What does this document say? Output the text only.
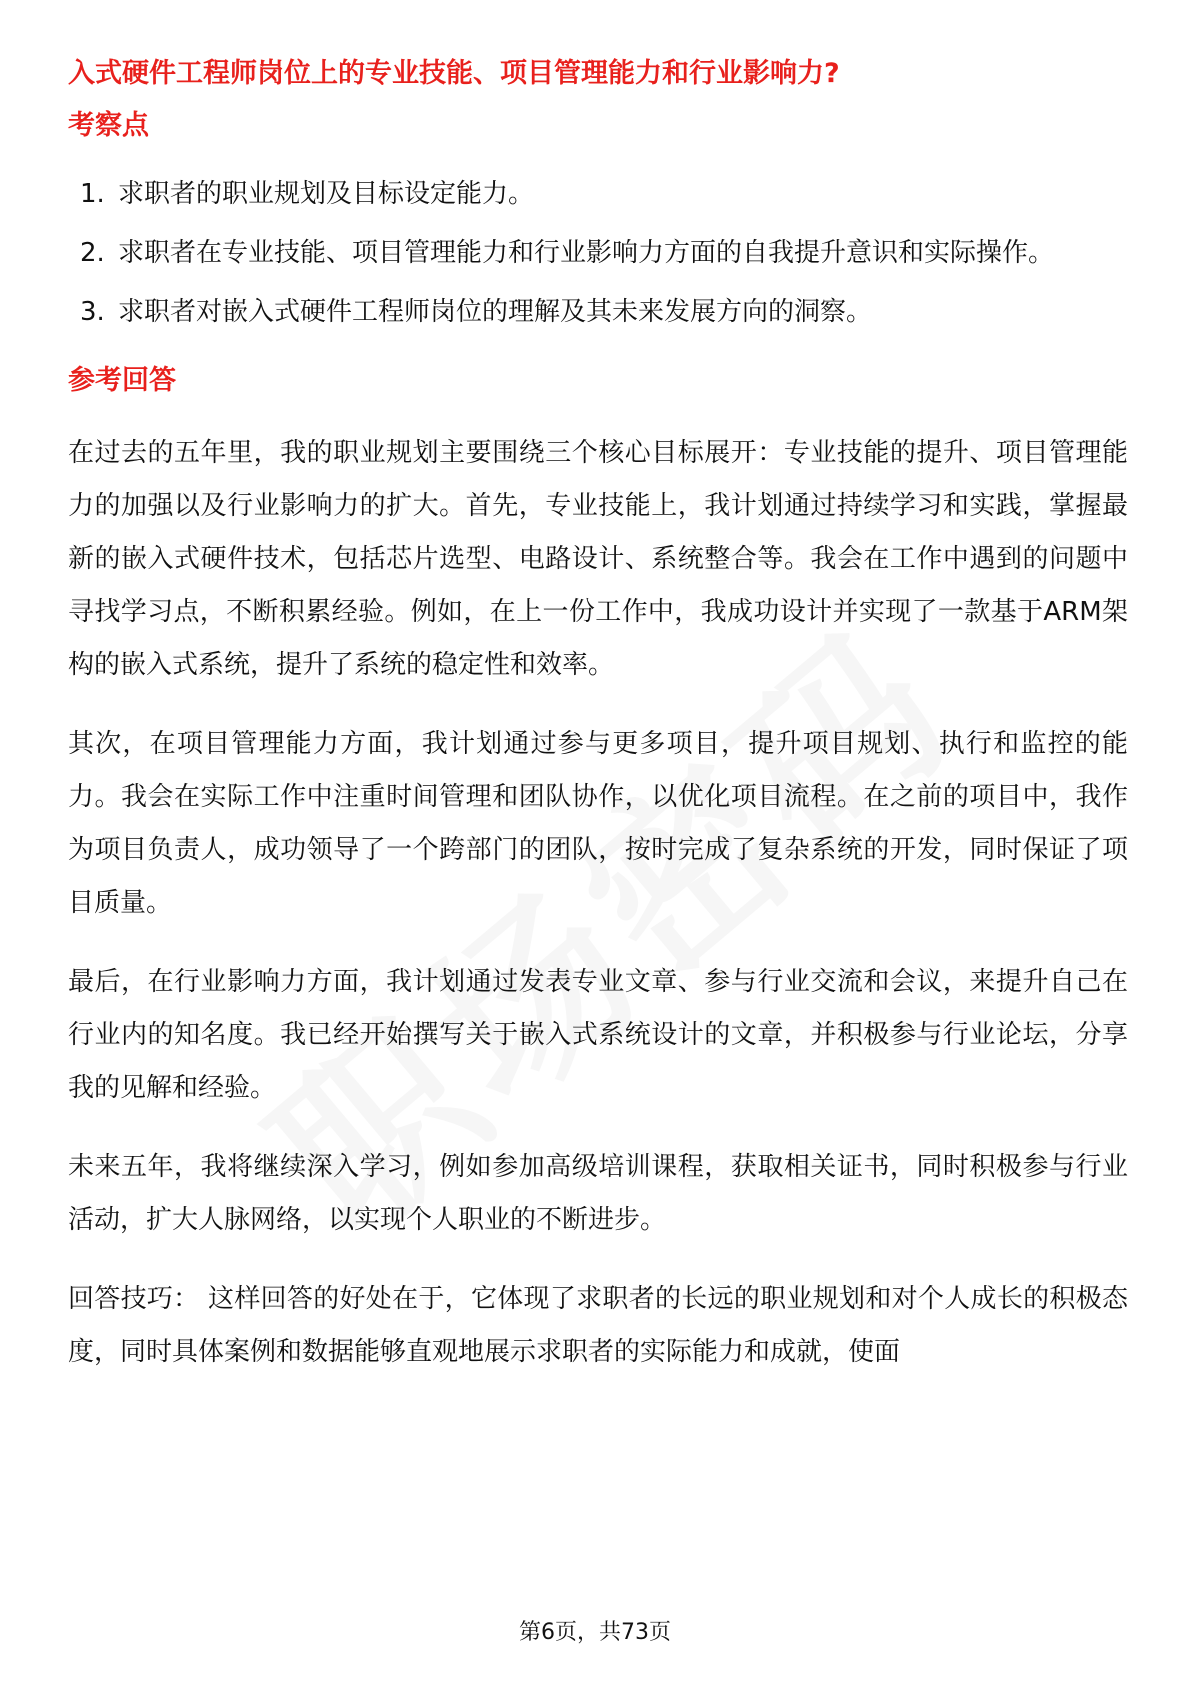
入式硬件工程师岗位上的专业技能、项目管理能力和行业影响力?
考察点
1. 求职者的职业规划及目标设定能力。
2. 求职者在专业技能、项目管理能力和行业影响力方面的自我提升意识和实际操作。
3. 求职者对嵌入式硬件工程师岗位的理解及其未来发展方向的洞察。
参考回答

在过去的五年里，我的职业规划主要围绕三个核心目标展开：专业技能的提升、项目管理能力的加强以及行业影响力的扩大。首先，专业技能上，我计划通过持续学习和实践，掌握最新的嵌入式硬件技术，包括芯片选型、电路设计、系统整合等。我会在工作中遇到的问题中寻找学习点，不断积累经验。例如，在上一份工作中，我成功设计并实现了一款基于ARM架构的嵌入式系统，提升了系统的稳定性和效率。

其次，在项目管理能力方面，我计划通过参与更多项目，提升项目规划、执行和监控的能力。我会在实际工作中注重时间管理和团队协作，以优化项目流程。在之前的项目中，我作为项目负责人，成功领导了一个跨部门的团队，按时完成了复杂系统的开发，同时保证了项目质量。

最后，在行业影响力方面，我计划通过发表专业文章、参与行业交流和会议，来提升自己在行业内的知名度。我已经开始撰写关于嵌入式系统设计的文章，并积极参与行业论坛，分享我的见解和经验。

未来五年，我将继续深入学习，例如参加高级培训课程，获取相关证书，同时积极参与行业活动，扩大人脉网络，以实现个人职业的不断进步。

回答技巧： 这样回答的好处在于，它体现了求职者的长远的职业规划和对个人成长的积极态度，同时具体案例和数据能够直观地展示求职者的实际能力和成就，使面

第6页，共73页
